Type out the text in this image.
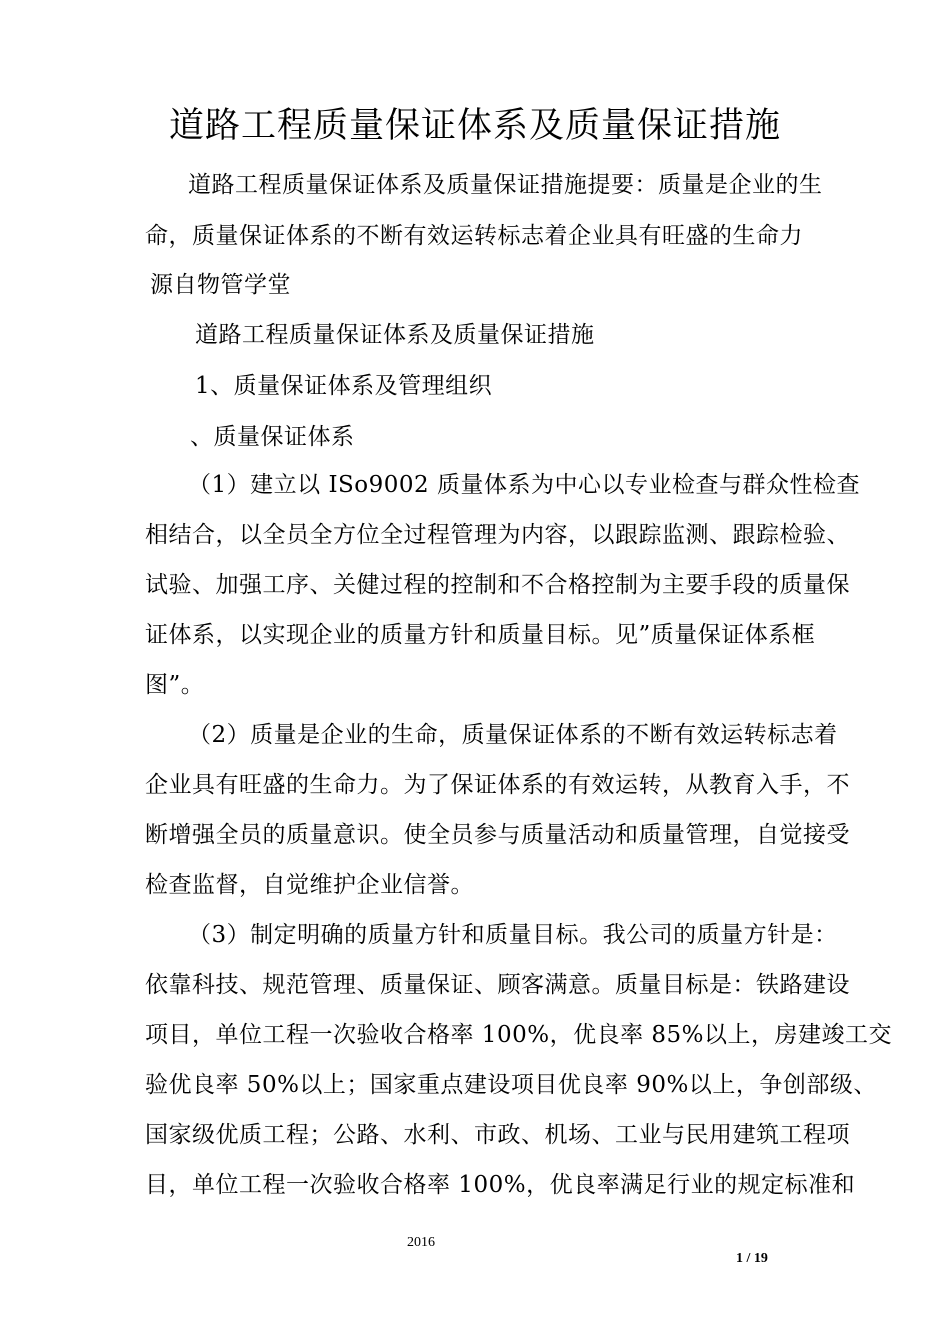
道路工程质量保证体系及质量保证措施
道路工程质量保证体系及质量保证措施提要：质量是企业的生
命，质量保证体系的不断有效运转标志着企业具有旺盛的生命力
源自物管学堂
道路工程质量保证体系及质量保证措施
1、质量保证体系及管理组织
、质量保证体系
（1）建立以 ISo9002 质量体系为中心以专业检查与群众性检查
相结合，以全员全方位全过程管理为内容，以跟踪监测、跟踪检验、
试验、加强工序、关健过程的控制和不合格控制为主要手段的质量保
证体系，以实现企业的质量方针和质量目标。见”质量保证体系框
图”。
（2）质量是企业的生命，质量保证体系的不断有效运转标志着
企业具有旺盛的生命力。为了保证体系的有效运转，从教育入手，不
断增强全员的质量意识。使全员参与质量活动和质量管理，自觉接受
检查监督，自觉维护企业信誉。
（3）制定明确的质量方针和质量目标。我公司的质量方针是：
依靠科技、规范管理、质量保证、顾客满意。质量目标是：铁路建设
项目，单位工程一次验收合格率 100%，优良率 85%以上，房建竣工交
验优良率 50%以上；国家重点建设项目优良率 90%以上，争创部级、
国家级优质工程；公路、水利、市政、机场、工业与民用建筑工程项
目，单位工程一次验收合格率 100%，优良率满足行业的规定标准和
2016
1 / 19
